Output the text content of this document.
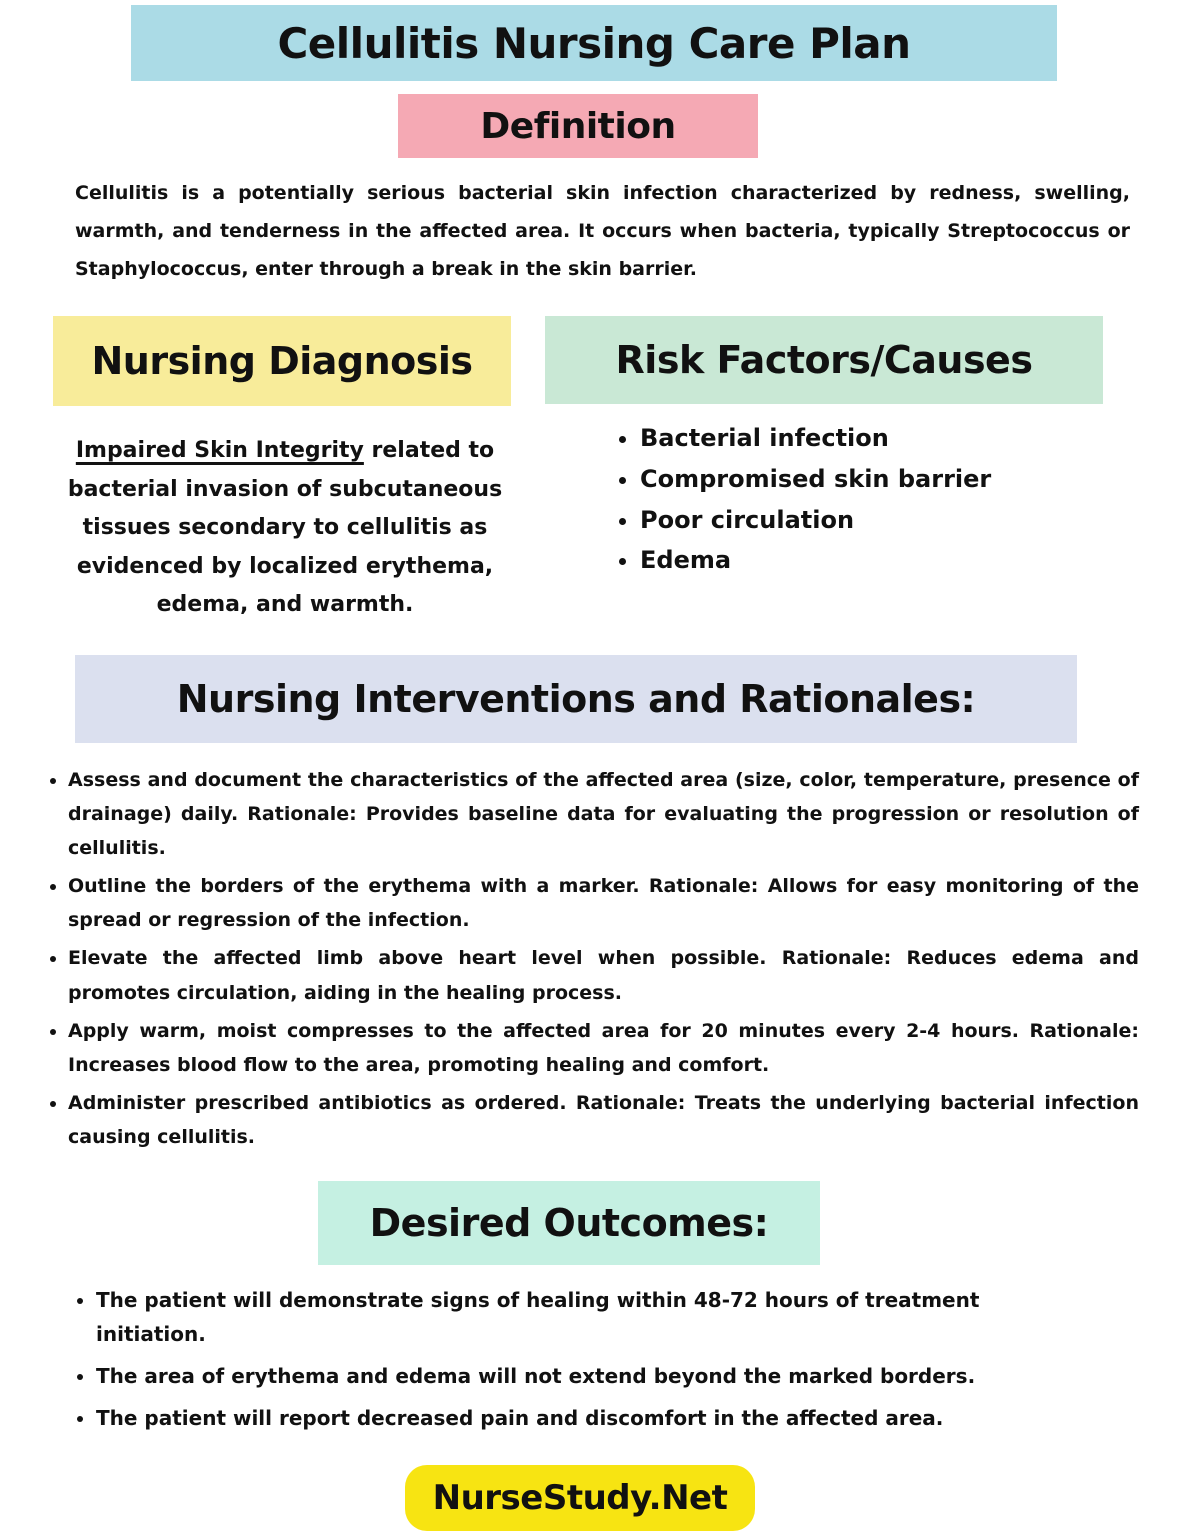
Cellulitis Nursing Care Plan
Definition

Cellulitis is a potentially serious bacterial skin infection characterized by redness, swelling, warmth, and tenderness in the affected area. It occurs when bacteria, typically Streptococcus or Staphylococcus, enter through a break in the skin barrier.

Nursing Diagnosis

Impaired Skin Integrity related to bacterial invasion of subcutaneous tissues secondary to cellulitis as evidenced by localized erythema, edema, and warmth.

Risk Factors/Causes
• Bacterial infection
• Compromised skin barrier
• Poor circulation
• Edema
Nursing Interventions and Rationales:
• Assess and document the characteristics of the affected area (size, color, temperature, presence of drainage) daily. Rationale: Provides baseline data for evaluating the progression or resolution of cellulitis.
• Outline the borders of the erythema with a marker. Rationale: Allows for easy monitoring of the spread or regression of the infection.
• Elevate the affected limb above heart level when possible. Rationale: Reduces edema and promotes circulation, aiding in the healing process.
• Apply warm, moist compresses to the affected area for 20 minutes every 2-4 hours. Rationale: Increases blood flow to the area, promoting healing and comfort.
• Administer prescribed antibiotics as ordered. Rationale: Treats the underlying bacterial infection causing cellulitis.
Desired Outcomes:
• The patient will demonstrate signs of healing within 48-72 hours of treatment initiation.
• The area of erythema and edema will not extend beyond the marked borders.
• The patient will report decreased pain and discomfort in the affected area.
NurseStudy.Net
